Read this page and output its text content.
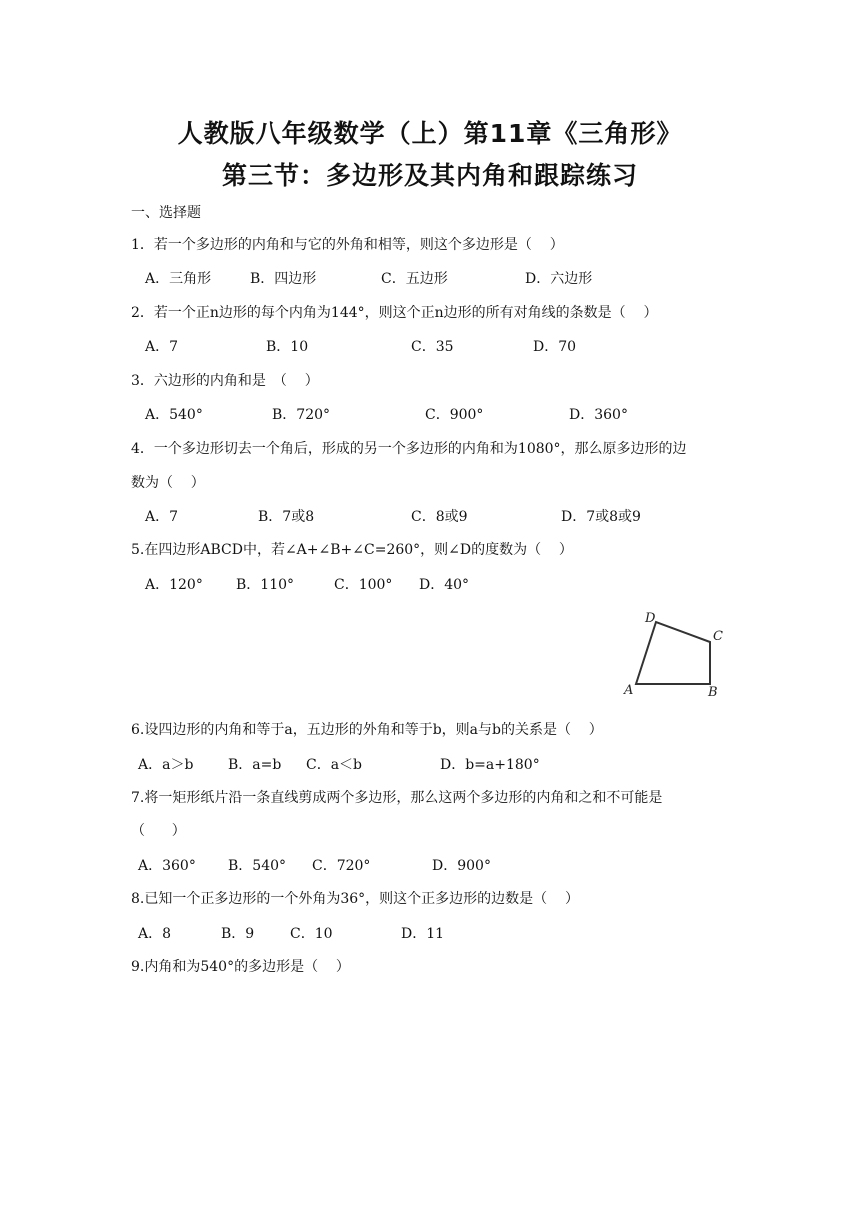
人教版八年级数学（上）第11章《三角形》
第三节：多边形及其内角和跟踪练习
一、选择题
1．若一个多边形的内角和与它的外角和相等，则这个多边形是（    ）
A．三角形	B．四边形	C．五边形	D．六边形
2．若一个正n边形的每个内角为144°，则这个正n边形的所有对角线的条数是（    ）
A．7	B．10	C．35	D．70
3．六边形的内角和是　（    ）
A．540°	B．720°	C．900°	D．360°
4．一个多边形切去一个角后，形成的另一个多边形的内角和为1080°，那么原多边形的边
数为（    ）
A．7	B．7或8	C．8或9	D．7或8或9
5.在四边形ABCD中，若∠A+∠B+∠C=260°，则∠D的度数为（    ）
A．120° B．110°	C．100° D．40°
D
C
A	B
6.设四边形的内角和等于a，五边形的外角和等于b，则a与b的关系是（    ）
A．a＞b B．a=b C．a＜b	D．b=a+180°
7.将一矩形纸片沿一条直线剪成两个多边形，那么这两个多边形的内角和之和不可能是
（      ）
A．360° B．540° C．720°	D．900°
8.已知一个正多边形的一个外角为36°，则这个正多边形的边数是（    ）
A．8	B．9	C．10	D．11
9.内角和为540°的多边形是（    ）
